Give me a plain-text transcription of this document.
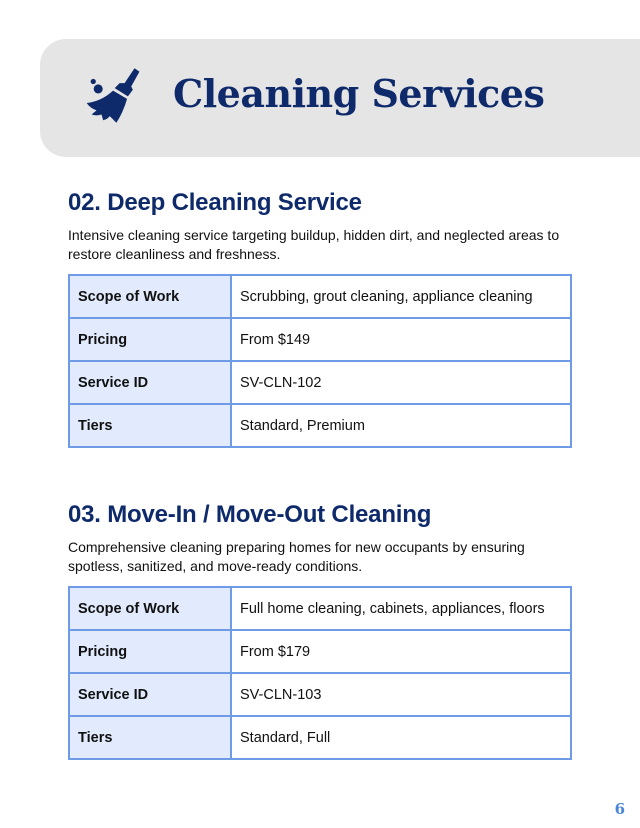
Cleaning Services
02. Deep Cleaning Service

Intensive cleaning service targeting buildup, hidden dirt, and neglected areas to restore cleanliness and freshness.

Scope of Work	Scrubbing, grout cleaning, appliance cleaning
Pricing	From $149
Service ID	SV-CLN-102
Tiers	Standard, Premium
03. Move-In / Move-Out Cleaning

Comprehensive cleaning preparing homes for new occupants by ensuring spotless, sanitized, and move-ready conditions.

Scope of Work	Full home cleaning, cabinets, appliances, floors
Pricing	From $179
Service ID	SV-CLN-103
Tiers	Standard, Full
6
